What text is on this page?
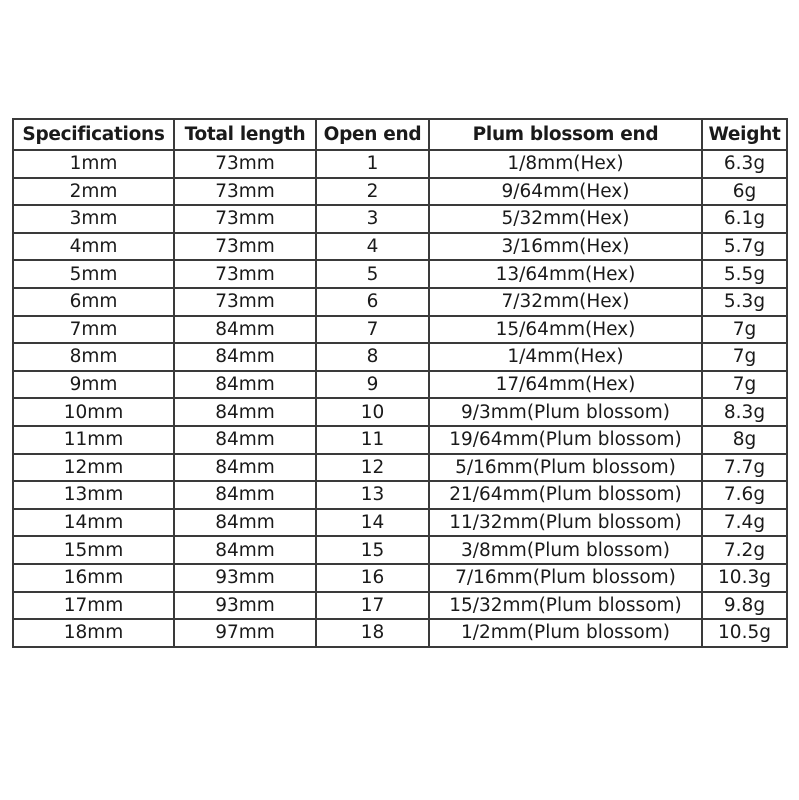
Specifications	Total length	Open end	Plum blossom end	Weight
1mm	73mm	1	1/8mm(Hex)	6.3g
2mm	73mm	2	9/64mm(Hex)	6g
3mm	73mm	3	5/32mm(Hex)	6.1g
4mm	73mm	4	3/16mm(Hex)	5.7g
5mm	73mm	5	13/64mm(Hex)	5.5g
6mm	73mm	6	7/32mm(Hex)	5.3g
7mm	84mm	7	15/64mm(Hex)	7g
8mm	84mm	8	1/4mm(Hex)	7g
9mm	84mm	9	17/64mm(Hex)	7g
10mm	84mm	10	9/3mm(Plum blossom)	8.3g
11mm	84mm	11	19/64mm(Plum blossom)	8g
12mm	84mm	12	5/16mm(Plum blossom)	7.7g
13mm	84mm	13	21/64mm(Plum blossom)	7.6g
14mm	84mm	14	11/32mm(Plum blossom)	7.4g
15mm	84mm	15	3/8mm(Plum blossom)	7.2g
16mm	93mm	16	7/16mm(Plum blossom)	10.3g
17mm	93mm	17	15/32mm(Plum blossom)	9.8g
18mm	97mm	18	1/2mm(Plum blossom)	10.5g
